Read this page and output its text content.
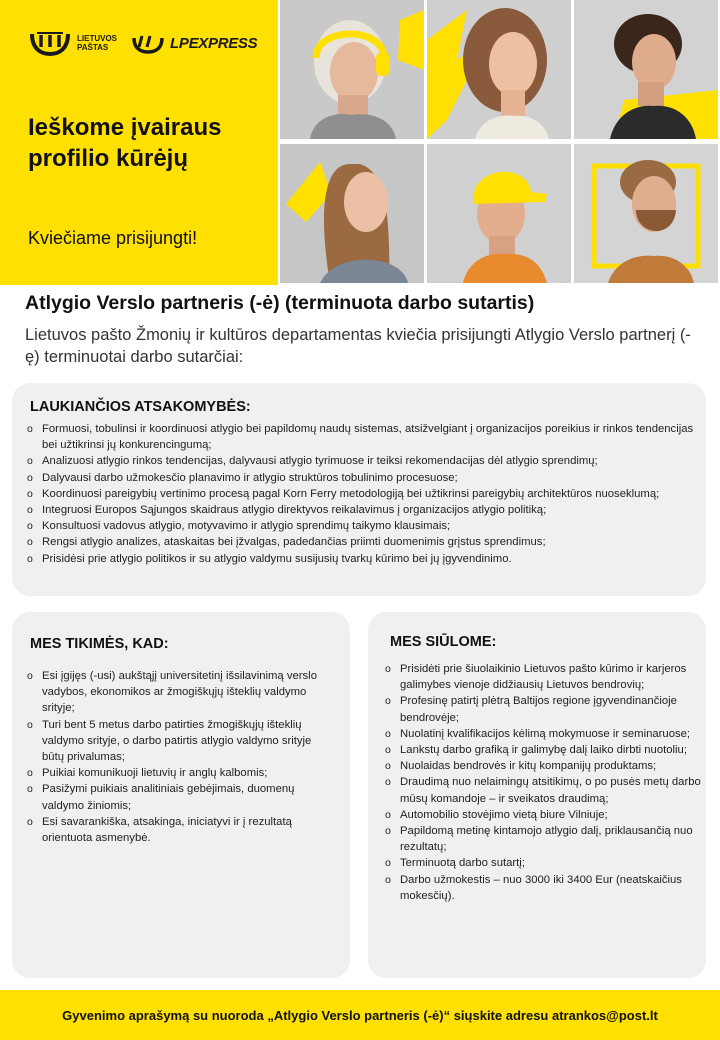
LIETUVOS
PAŠTAS	LPEXPRESS
Ieškome įvairaus profilio kūrėjų
Kviečiame prisijungti!
Atlygio Verslo partneris (-ė) (terminuota darbo sutartis)
Lietuvos pašto Žmonių ir kultūros departamentas kviečia prisijungti Atlygio Verslo partnerį (-ę) terminuotai darbo sutarčiai:
LAUKIANČIOS ATSAKOMYBĖS:
o Formuosi, tobulinsi ir koordinuosi atlygio bei papildomų naudų sistemas, atsižvelgiant į organizacijos poreikius ir rinkos tendencijas bei užtikrinsi jų konkurencingumą;
o Analizuosi atlygio rinkos tendencijas, dalyvausi atlygio tyrimuose ir teiksi rekomendacijas dėl atlygio sprendimų;
o Dalyvausi darbo užmokesčio planavimo ir atlygio struktūros tobulinimo procesuose;
o Koordinuosi pareigybių vertinimo procesą pagal Korn Ferry metodologiją bei užtikrinsi pareigybių architektūros nuoseklumą;
o Integruosi Europos Sąjungos skaidraus atlygio direktyvos reikalavimus į organizacijos atlygio politiką;
o Konsultuosi vadovus atlygio, motyvavimo ir atlygio sprendimų taikymo klausimais;
o Rengsi atlygio analizes, ataskaitas bei įžvalgas, padedančias priimti duomenimis grįstus sprendimus;
o Prisidėsi prie atlygio politikos ir su atlygio valdymu susijusių tvarkų kūrimo bei jų įgyvendinimo.
MES TIKIMĖS, KAD:
o Esi įgijęs (-usi) aukštąjį universitetinį išsilavinimą verslo vadybos, ekonomikos ar žmogiškųjų išteklių valdymo srityje;
o Turi bent 5 metus darbo patirties žmogiškųjų išteklių valdymo srityje, o darbo patirtis atlygio valdymo srityje būtų privalumas;
o Puikiai komunikuoji lietuvių ir anglų kalbomis;
o Pasižymi puikiais analitiniais gebėjimais, duomenų valdymo žiniomis;
o Esi savarankiška, atsakinga, iniciatyvi ir į rezultatą orientuota asmenybė.
MES SIŪLOME:
o Prisidėti prie šiuolaikinio Lietuvos pašto kūrimo ir karjeros galimybes vienoje didžiausių Lietuvos bendrovių;
o Profesinę patirtį plėtrą Baltijos regione įgyvendinančioje bendrovėje;
o Nuolatinį kvalifikacijos kėlimą mokymuose ir seminaruose;
o Lankstų darbo grafiką ir galimybę dalį laiko dirbti nuotoliu;
o Nuolaidas bendrovės ir kitų kompanijų produktams;
o Draudimą nuo nelaimingų atsitikimų, o po pusės metų darbo mūsų komandoje – ir sveikatos draudimą;
o Automobilio stovėjimo vietą biure Vilniuje;
o Papildomą metinę kintamojo atlygio dalį, priklausančią nuo rezultatų;
o Terminuotą darbo sutartį;
o Darbo užmokestis – nuo 3000 iki 3400 Eur (neatskaičius mokesčių).
Gyvenimo aprašymą su nuoroda „Atlygio Verslo partneris (-ė)“ siųskite adresu atrankos@post.lt
